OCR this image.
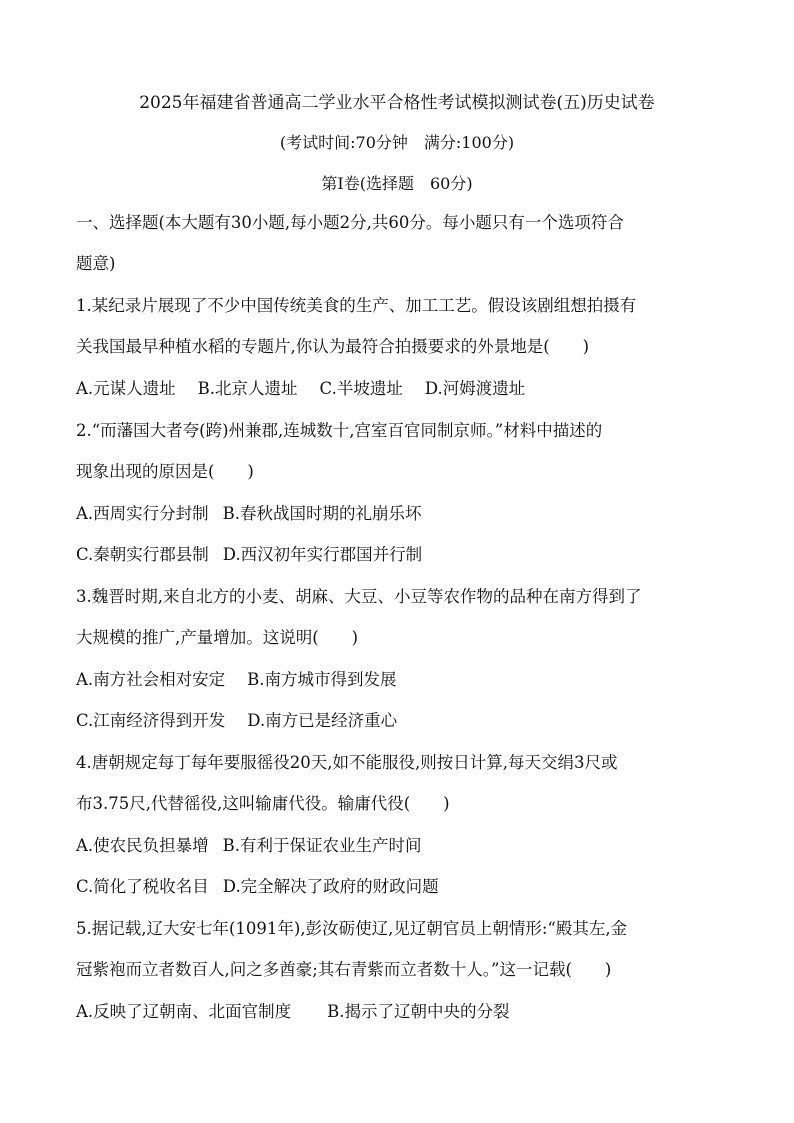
2025年福建省普通高二学业水平合格性考试模拟测试卷(五)历史试卷
(考试时间:70分钟　满分:100分)
第Ⅰ卷(选择题　60分)
一、选择题(本大题有30小题,每小题2分,共60分。每小题只有一个选项符合
题意)
1.某纪录片展现了不少中国传统美食的生产、加工工艺。假设该剧组想拍摄有
关我国最早种植水稻的专题片,你认为最符合拍摄要求的外景地是(　　)
A.元谋人遗址 B.北京人遗址 C.半坡遗址 D.河姆渡遗址
2.“而藩国大者夸(跨)州兼郡,连城数十,宫室百官同制京师。”材料中描述的
现象出现的原因是(　　)
A.西周实行分封制 B.春秋战国时期的礼崩乐坏
C.秦朝实行郡县制 D.西汉初年实行郡国并行制
3.魏晋时期,来自北方的小麦、胡麻、大豆、小豆等农作物的品种在南方得到了
大规模的推广,产量增加。这说明(　　)
A.南方社会相对安定 B.南方城市得到发展
C.江南经济得到开发 D.南方已是经济重心
4.唐朝规定每丁每年要服徭役20天,如不能服役,则按日计算,每天交绢3尺或
布3.75尺,代替徭役,这叫输庸代役。输庸代役(　　)
A.使农民负担暴增 B.有利于保证农业生产时间
C.简化了税收名目 D.完全解决了政府的财政问题
5.据记载,辽大安七年(1091年),彭汝砺使辽,见辽朝官员上朝情形:“殿其左,金
冠紫袍而立者数百人,问之多酋豪;其右青紫而立者数十人。”这一记载(　　)
A.反映了辽朝南、北面官制度 B.揭示了辽朝中央的分裂
